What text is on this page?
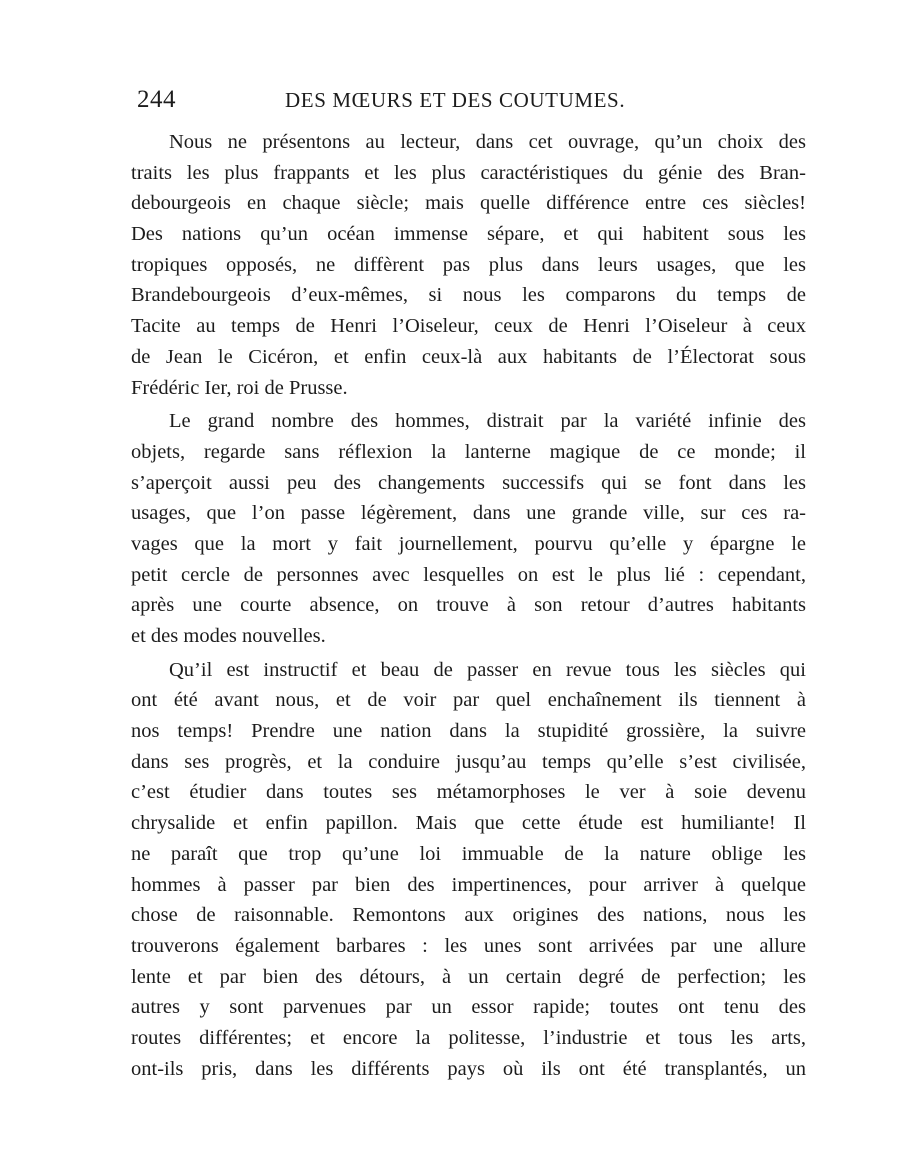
244	DES MŒURS ET DES COUTUMES.
Nous ne présentons au lecteur, dans cet ouvrage, qu’un choix des
traits les plus frappants et les plus caractéristiques du génie des Bran-
debourgeois en chaque siècle; mais quelle différence entre ces siècles!
Des nations qu’un océan immense sépare, et qui habitent sous les
tropiques opposés, ne diffèrent pas plus dans leurs usages, que les
Brandebourgeois d’eux-mêmes, si nous les comparons du temps de
Tacite au temps de Henri l’Oiseleur, ceux de Henri l’Oiseleur à ceux
de Jean le Cicéron, et enfin ceux-là aux habitants de l’Électorat sous
Frédéric Ier, roi de Prusse.
Le grand nombre des hommes, distrait par la variété infinie des
objets, regarde sans réflexion la lanterne magique de ce monde; il
s’aperçoit aussi peu des changements successifs qui se font dans les
usages, que l’on passe légèrement, dans une grande ville, sur ces ra-
vages que la mort y fait journellement, pourvu qu’elle y épargne le
petit cercle de personnes avec lesquelles on est le plus lié : cependant,
après une courte absence, on trouve à son retour d’autres habitants
et des modes nouvelles.
Qu’il est instructif et beau de passer en revue tous les siècles qui
ont été avant nous, et de voir par quel enchaînement ils tiennent à
nos temps! Prendre une nation dans la stupidité grossière, la suivre
dans ses progrès, et la conduire jusqu’au temps qu’elle s’est civilisée,
c’est étudier dans toutes ses métamorphoses le ver à soie devenu
chrysalide et enfin papillon. Mais que cette étude est humiliante! Il
ne paraît que trop qu’une loi immuable de la nature oblige les
hommes à passer par bien des impertinences, pour arriver à quelque
chose de raisonnable. Remontons aux origines des nations, nous les
trouverons également barbares : les unes sont arrivées par une allure
lente et par bien des détours, à un certain degré de perfection; les
autres y sont parvenues par un essor rapide; toutes ont tenu des
routes différentes; et encore la politesse, l’industrie et tous les arts,
ont-ils pris, dans les différents pays où ils ont été transplantés, un
